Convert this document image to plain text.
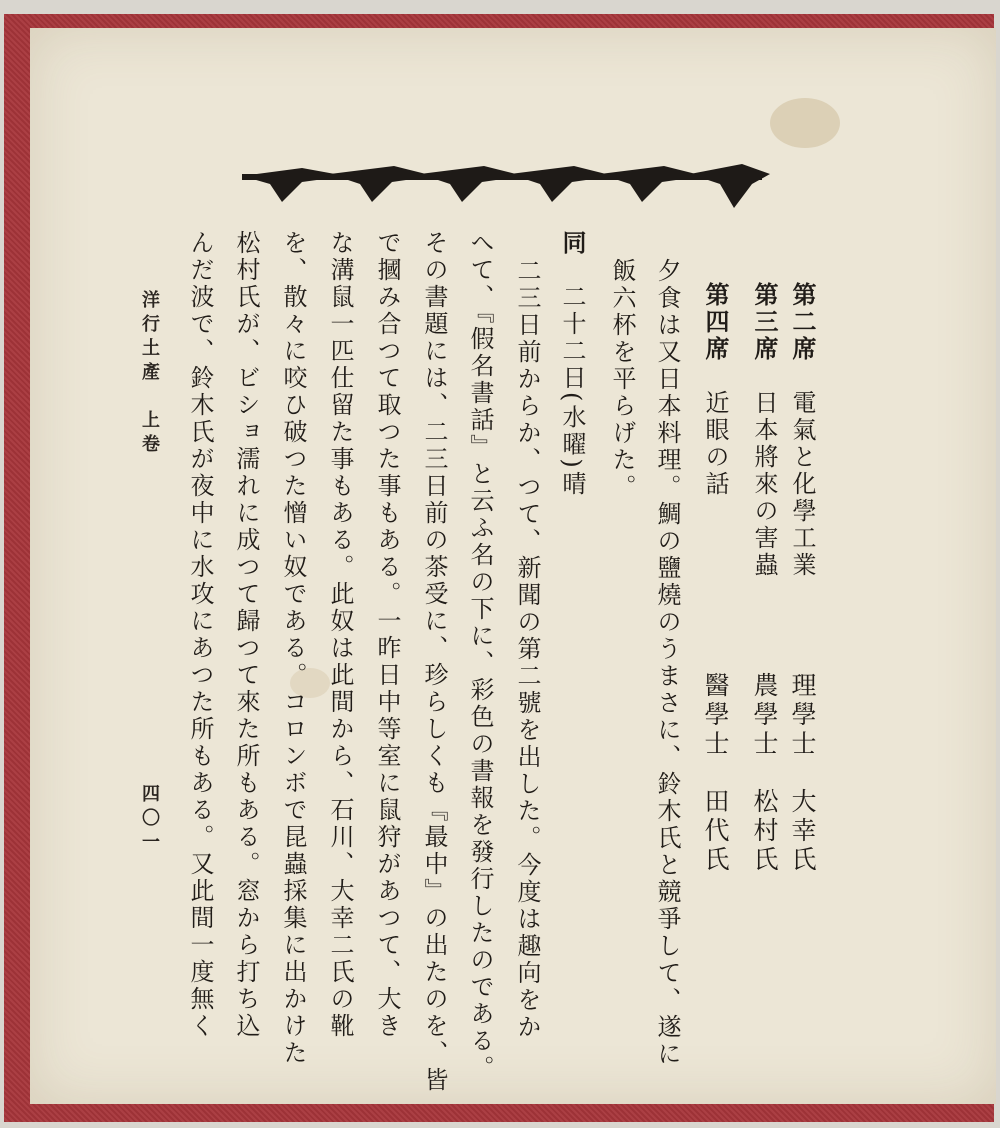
第二席　電氣と化學工業
理學士　大幸氏
第三席　日本將來の害蟲
農學士　松村氏
第四席　近眼の話
醫學士　田代氏
夕食は又日本料理。鯛の鹽燒のうまさに、鈴木氏と競爭して、遂に
飯六杯を平らげた。
同　二十二日(水曜)晴
二三日前からか、つて、新聞の第二號を出した。今度は趣向をか
へて、『假名書話』と云ふ名の下に、彩色の書報を發行したのである。
その書題には、二三日前の茶受に、珍らしくも『最中』の出たのを、皆
で摑み合つて取つた事もある。一昨日中等室に鼠狩があつて、大き
な溝鼠一匹仕留た事もある。此奴は此間から、石川、大幸二氏の靴
を、散々に咬ひ破つた憎い奴である。コロンボで昆蟲採集に出かけた
松村氏が、ビショ濡れに成つて歸つて來た所もある。窓から打ち込
んだ波で、鈴木氏が夜中に水攻にあつた所もある。又此間一度無く
洋行土產　上卷
四〇一
